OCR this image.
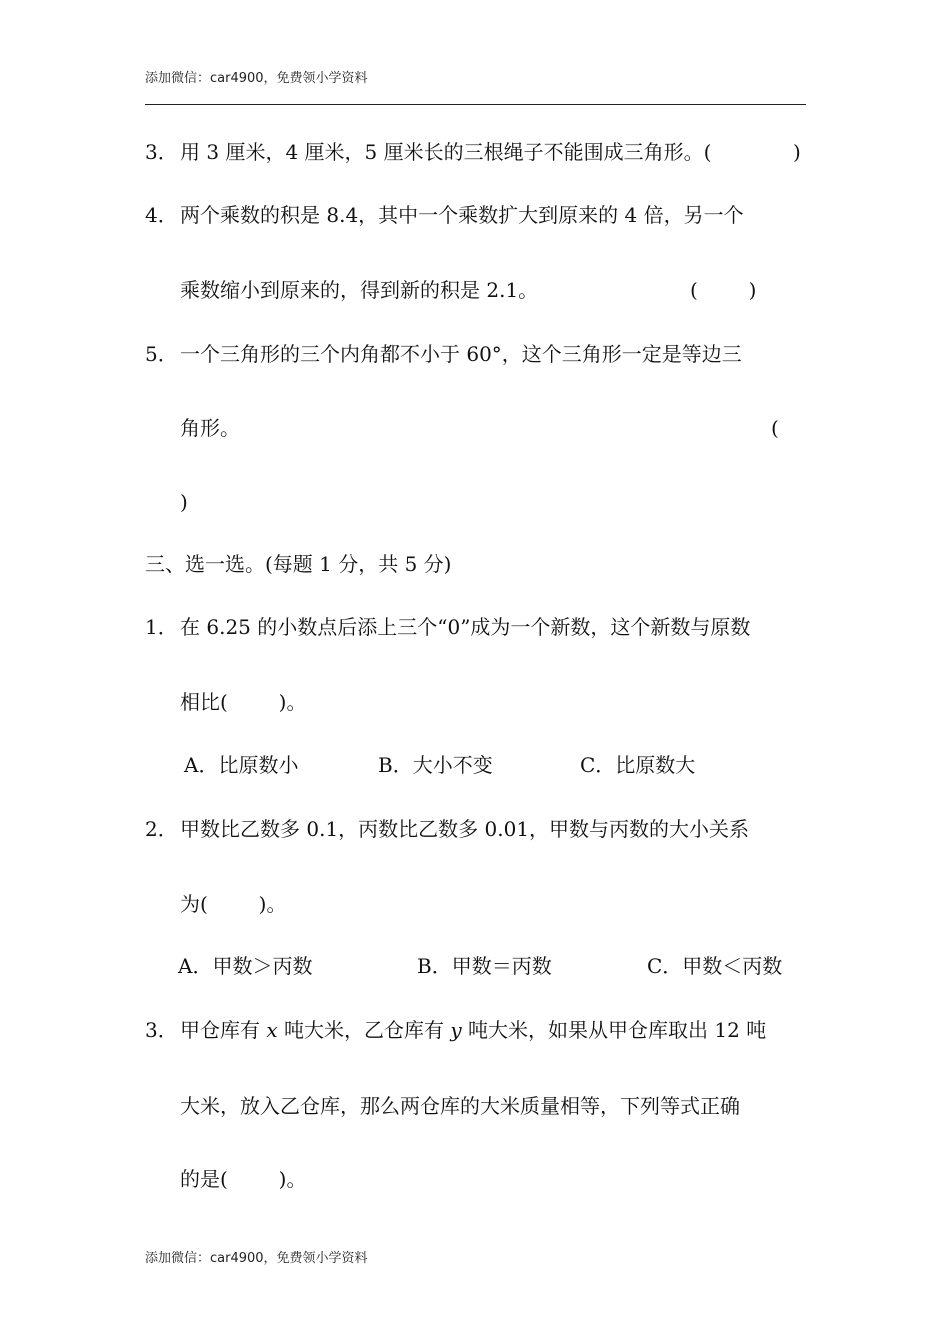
添加微信：car4900，免费领小学资料
3． 用 3 厘米，4 厘米，5 厘米长的三根绳子不能围成三角形。(	)
4． 两个乘数的积是 8.4，其中一个乘数扩大到原来的 4 倍，另一个
乘数缩小到原来的，得到新的积是 2.1。	(        )
5． 一个三角形的三个内角都不小于 60°，这个三角形一定是等边三
角形。	(
)
三、选一选。(每题 1 分，共 5 分)
1． 在 6.25 的小数点后添上三个“0”成为一个新数，这个新数与原数
相比(        )。
A．比原数小	B．大小不变	C．比原数大
2． 甲数比乙数多 0.1，丙数比乙数多 0.01，甲数与丙数的大小关系
为(        )。
A．甲数＞丙数	B．甲数＝丙数	C．甲数＜丙数
3． 甲仓库有 x 吨大米，乙仓库有 y 吨大米，如果从甲仓库取出 12 吨
大米，放入乙仓库，那么两仓库的大米质量相等，下列等式正确
的是(        )。
添加微信：car4900，免费领小学资料
